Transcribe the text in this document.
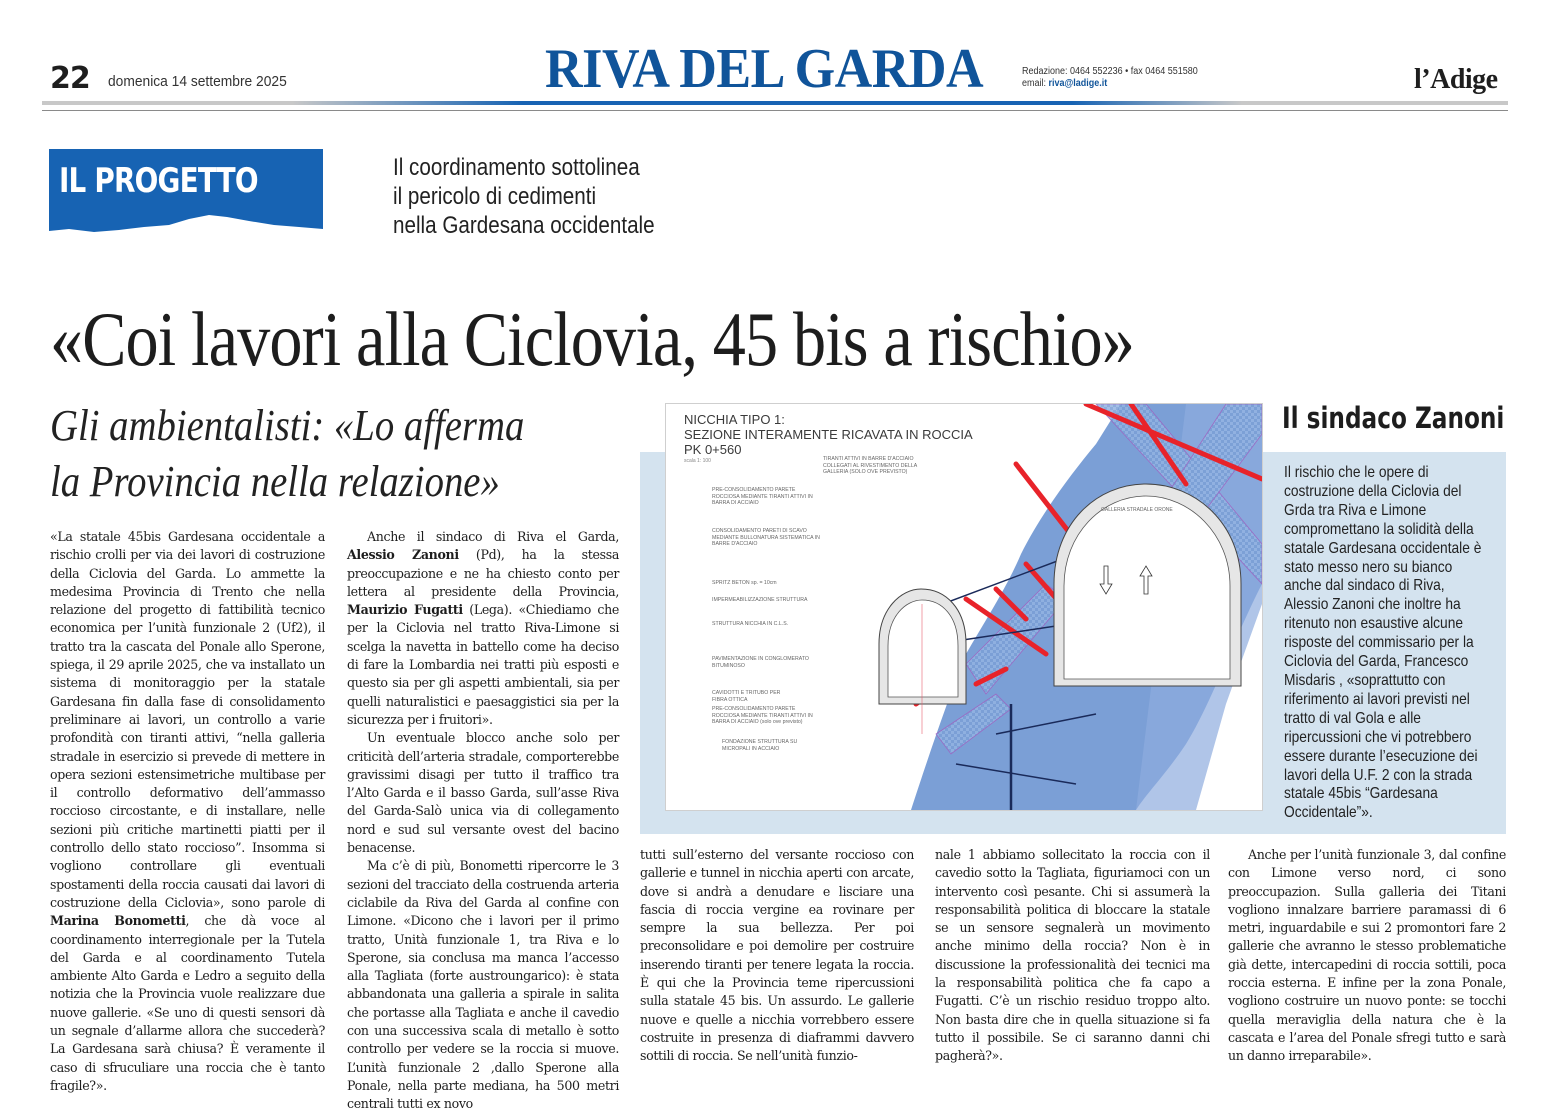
22 domenica 14 settembre 2025	RIVA DEL GARDA	Redazione: 0464 552236 • fax 0464 551580
email: riva@ladige.it	l’Adige
IL PROGETTO	Il coordinamento sottolinea
il pericolo di cedimenti
nella Gardesana occidentale
«Coi lavori alla Ciclovia, 45 bis a rischio»
Gli ambientalisti: «Lo afferma
la Provincia nella relazione»
GALLERIA STRADALE ORONE
NICCHIA TIPO 1:
SEZIONE INTERAMENTE RICAVATA IN ROCCIA
PK 0+560
scala 1: 100	TIRANTI ATTIVI IN BARRE D'ACCIAIO COLLEGATI AL RIVESTIMENTO DELLA GALLERIA (SOLO OVE PREVISTO)
PRE-CONSOLIDAMENTO PARETE ROCCIOSA MEDIANTE TIRANTI ATTIVI IN BARRA DI ACCIAIO
CONSOLIDAMENTO PARETI DI SCAVO MEDIANTE BULLONATURA SISTEMATICA IN BARRE D'ACCIAIO
SPRITZ BETON sp. = 10cm
IMPERMEABILIZZAZIONE STRUTTURA
STRUTTURA NICCHIA IN C.L.S.
PAVIMENTAZIONE IN CONGLOMERATO BITUMINOSO
CAVIDOTTI E TRITUBO PER FIBRA OTTICA
PRE-CONSOLIDAMENTO PARETE ROCCIOSA MEDIANTE TIRANTI ATTIVI IN BARRA DI ACCIAIO (solo ove previsto)
FONDAZIONE STRUTTURA SU MICROPALI IN ACCIAIO
Il sindaco Zanoni

Il rischio che le opere di costruzione della Ciclovia del Grda tra Riva e Limone compromettano la solidità della statale Gardesana occidentale è stato messo nero su bianco anche dal sindaco di Riva, Alessio Zanoni che inoltre ha ritenuto non esaustive alcune risposte del commissario per la Ciclovia del Garda, Francesco Misdaris , «soprattutto con riferimento ai lavori previsti nel tratto di val Gola e alle ripercussioni che vi potrebbero essere durante l’esecuzione dei lavori della U.F. 2 con la strada statale 45bis “Gardesana Occidentale”».

«La statale 45bis Gardesana occidentale a rischio crolli per via dei lavori di costruzione della Ciclovia del Garda. Lo ammette la medesima Provincia di Trento che nella relazione del progetto di fattibilità tecnico economica per l’unità funzionale 2 (Uf2), il tratto tra la cascata del Ponale allo Sperone, spiega, il 29 aprile 2025, che va installato un sistema di monitoraggio per la statale Gardesana fin dalla fase di consolidamento preliminare ai lavori, un controllo a varie profondità con tiranti attivi, “nella galleria stradale in esercizio si prevede di mettere in opera sezioni estensimetriche multibase per il controllo deformativo dell’ammasso roccioso circostante, e di installare, nelle sezioni più critiche martinetti piatti per il controllo dello stato roccioso”. Insomma si vogliono controllare gli eventuali spostamenti della roccia causati dai lavori di costruzione della Ciclovia», sono parole di Marina Bonometti, che dà voce al coordinamento interregionale per la Tutela del Garda e al coordinamento Tutela ambiente Alto Garda e Ledro a seguito della notizia che la Provincia vuole realizzare due nuove gallerie. «Se uno di questi sensori dà un segnale d’allarme allora che succederà? La Gardesana sarà chiusa? È veramente il caso di sfruculiare una roccia che è tanto fragile?».

Anche il sindaco di Riva el Garda, Alessio Zanoni (Pd), ha la stessa preoccupazione e ne ha chiesto conto per lettera al presidente della Provincia, Maurizio Fugatti (Lega). «Chiediamo che per la Ciclovia nel tratto Riva-Limone si scelga la navetta in battello come ha deciso di fare la Lombardia nei tratti più esposti e questo sia per gli aspetti ambientali, sia per quelli naturalistici e paesaggistici sia per la sicurezza per i fruitori».

Un eventuale blocco anche solo per criticità dell’arteria stradale, comporterebbe gravissimi disagi per tutto il traffico tra l’Alto Garda e il basso Garda, sull’asse Riva del Garda-Salò unica via di collegamento nord e sud sul versante ovest del bacino benacense.

Ma c’è di più, Bonometti ripercorre le 3 sezioni del tracciato della costruenda arteria ciclabile da Riva del Garda al confine con Limone. «Dicono che i lavori per il primo tratto, Unità funzionale 1, tra Riva e lo Sperone, sia conclusa ma manca l’accesso alla Tagliata (forte austroungarico): è stata abbandonata una galleria a spirale in salita che portasse alla Tagliata e anche il cavedio con una successiva scala di metallo è sotto controllo per vedere se la roccia si muove. L’unità funzionale 2 ,dallo Sperone alla Ponale, nella parte mediana, ha 500 metri centrali tutti ex novo

tutti sull’esterno del versante roccioso con gallerie e tunnel in nicchia aperti con arcate, dove si andrà a denudare e lisciare una fascia di roccia vergine ea rovinare per sempre la sua bellezza. Per poi preconsolidare e poi demolire per costruire inserendo tiranti per tenere legata la roccia. È qui che la Provincia teme ripercussioni sulla statale 45 bis. Un assurdo. Le gallerie nuove e quelle a nicchia vorrebbero essere costruite in presenza di diaframmi davvero sottili di roccia. Se nell’unità funzio-

nale 1 abbiamo sollecitato la roccia con il cavedio sotto la Tagliata, figuriamoci con un intervento così pesante. Chi si assumerà la responsabilità politica di bloccare la statale se un sensore segnalerà un movimento anche minimo della roccia? Non è in discussione la professionalità dei tecnici ma la responsabilità politica che fa capo a Fugatti. C’è un rischio residuo troppo alto. Non basta dire che in quella situazione si fa tutto il possibile. Se ci saranno danni chi pagherà?».

Anche per l’unità funzionale 3, dal confine con Limone verso nord, ci sono preoccupazion. Sulla galleria dei Titani vogliono innalzare barriere paramassi di 6 metri, inguardabile e sui 2 promontori fare 2 gallerie che avranno le stesso problematiche già dette, intercapedini di roccia sottili, poca roccia esterna. E infine per la zona Ponale, vogliono costruire un nuovo ponte: se tocchi quella meraviglia della natura che è la cascata e l’area del Ponale sfregi tutto e sarà un danno irreparabile».
